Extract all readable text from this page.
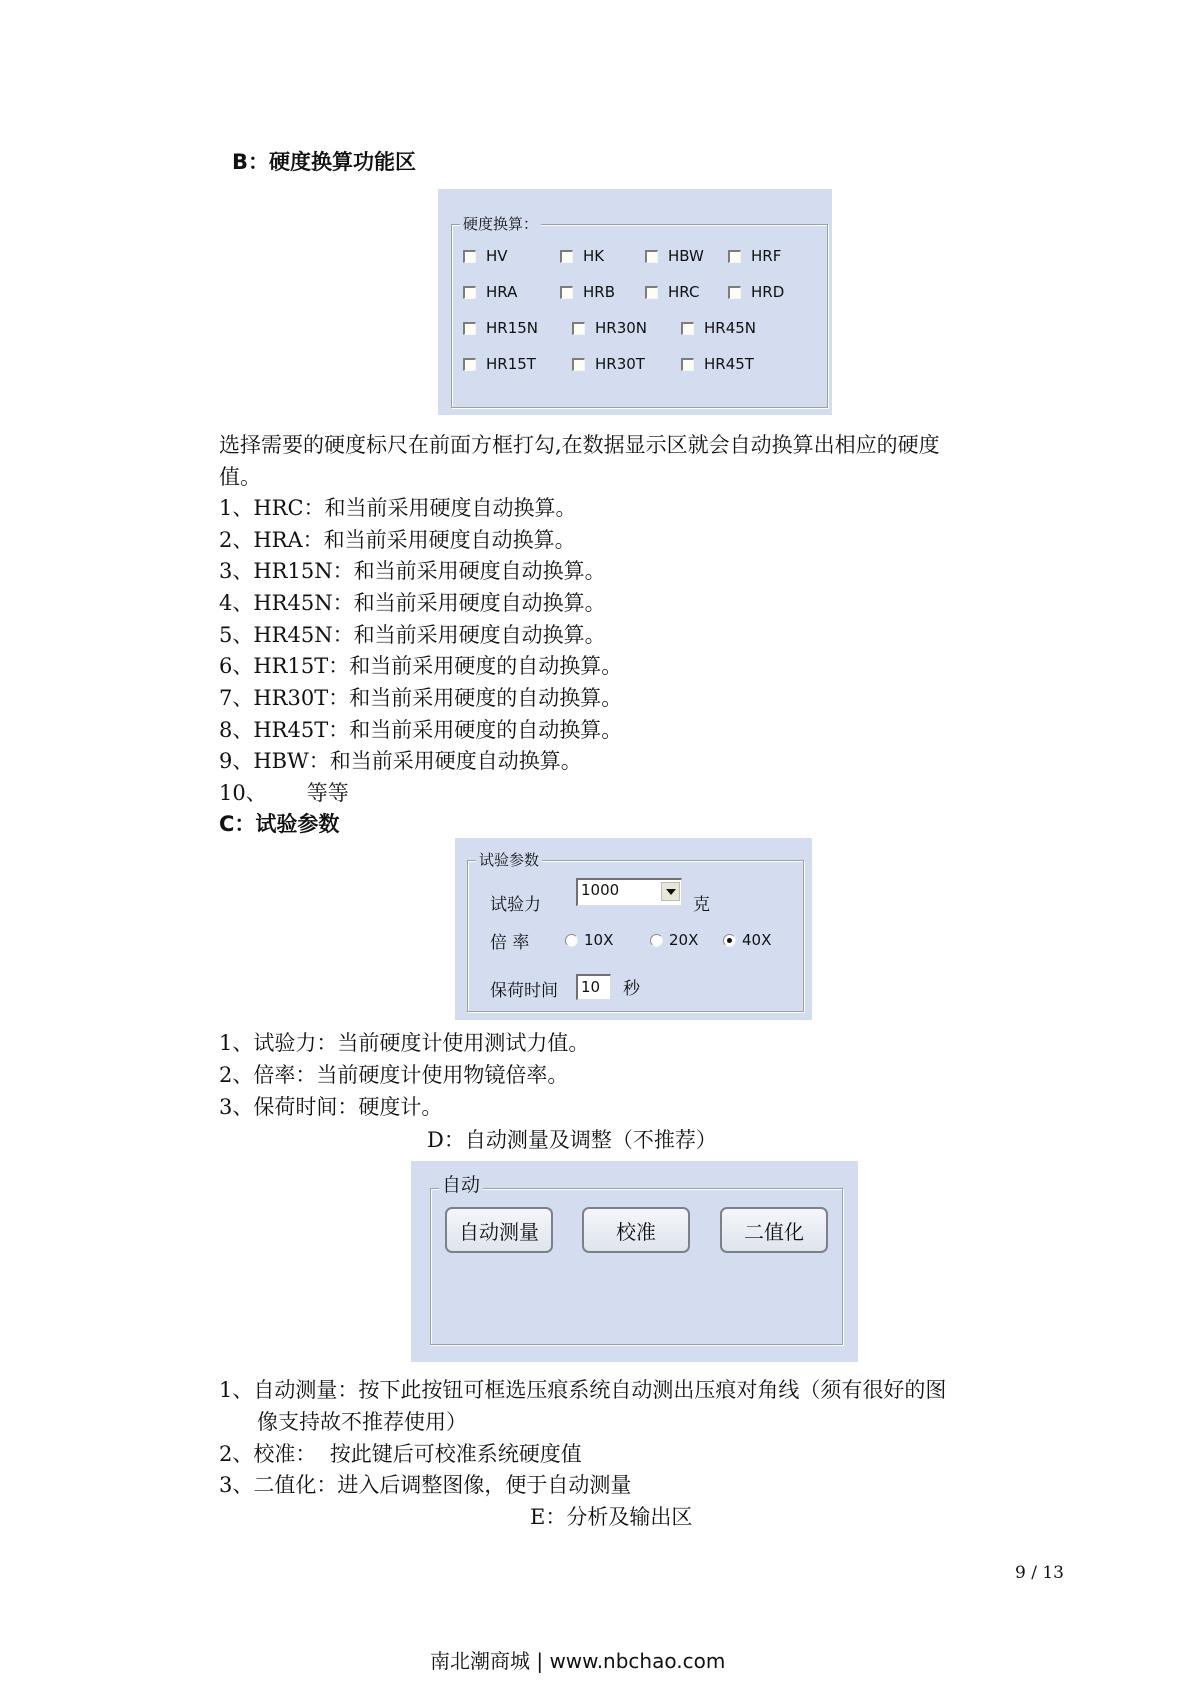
B：硬度换算功能区
硬度换算：
HV	HK	HBW	HRF
HRA	HRB	HRC	HRD
HR15N	HR30N	HR45N
HR15T	HR30T	HR45T
选择需要的硬度标尺在前面方框打勾,在数据显示区就会自动换算出相应的硬度
值。
1、HRC：和当前采用硬度自动换算。
2、HRA：和当前采用硬度自动换算。
3、HR15N：和当前采用硬度自动换算。
4、HR45N：和当前采用硬度自动换算。
5、HR45N：和当前采用硬度自动换算。
6、HR15T：和当前采用硬度的自动换算。
7、HR30T：和当前采用硬度的自动换算。
8、HR45T：和当前采用硬度的自动换算。
9、HBW：和当前采用硬度自动换算。
10、      等等
C：试验参数
试验参数
试验力
1000
克
倍 率	10X	20X	40X
保荷时间	10	秒
1、试验力：当前硬度计使用测试力值。
2、倍率：当前硬度计使用物镜倍率。
3、保荷时间：硬度计。
D：自动测量及调整（不推荐）
自动
自动测量	校准	二值化
1、自动测量：按下此按钮可框选压痕系统自动测出压痕对角线（须有很好的图
像支持故不推荐使用）
2、校准：  按此键后可校准系统硬度值
3、二值化：进入后调整图像，便于自动测量
E：分析及输出区
9 / 13
南北潮商城 | www.nbchao.com
